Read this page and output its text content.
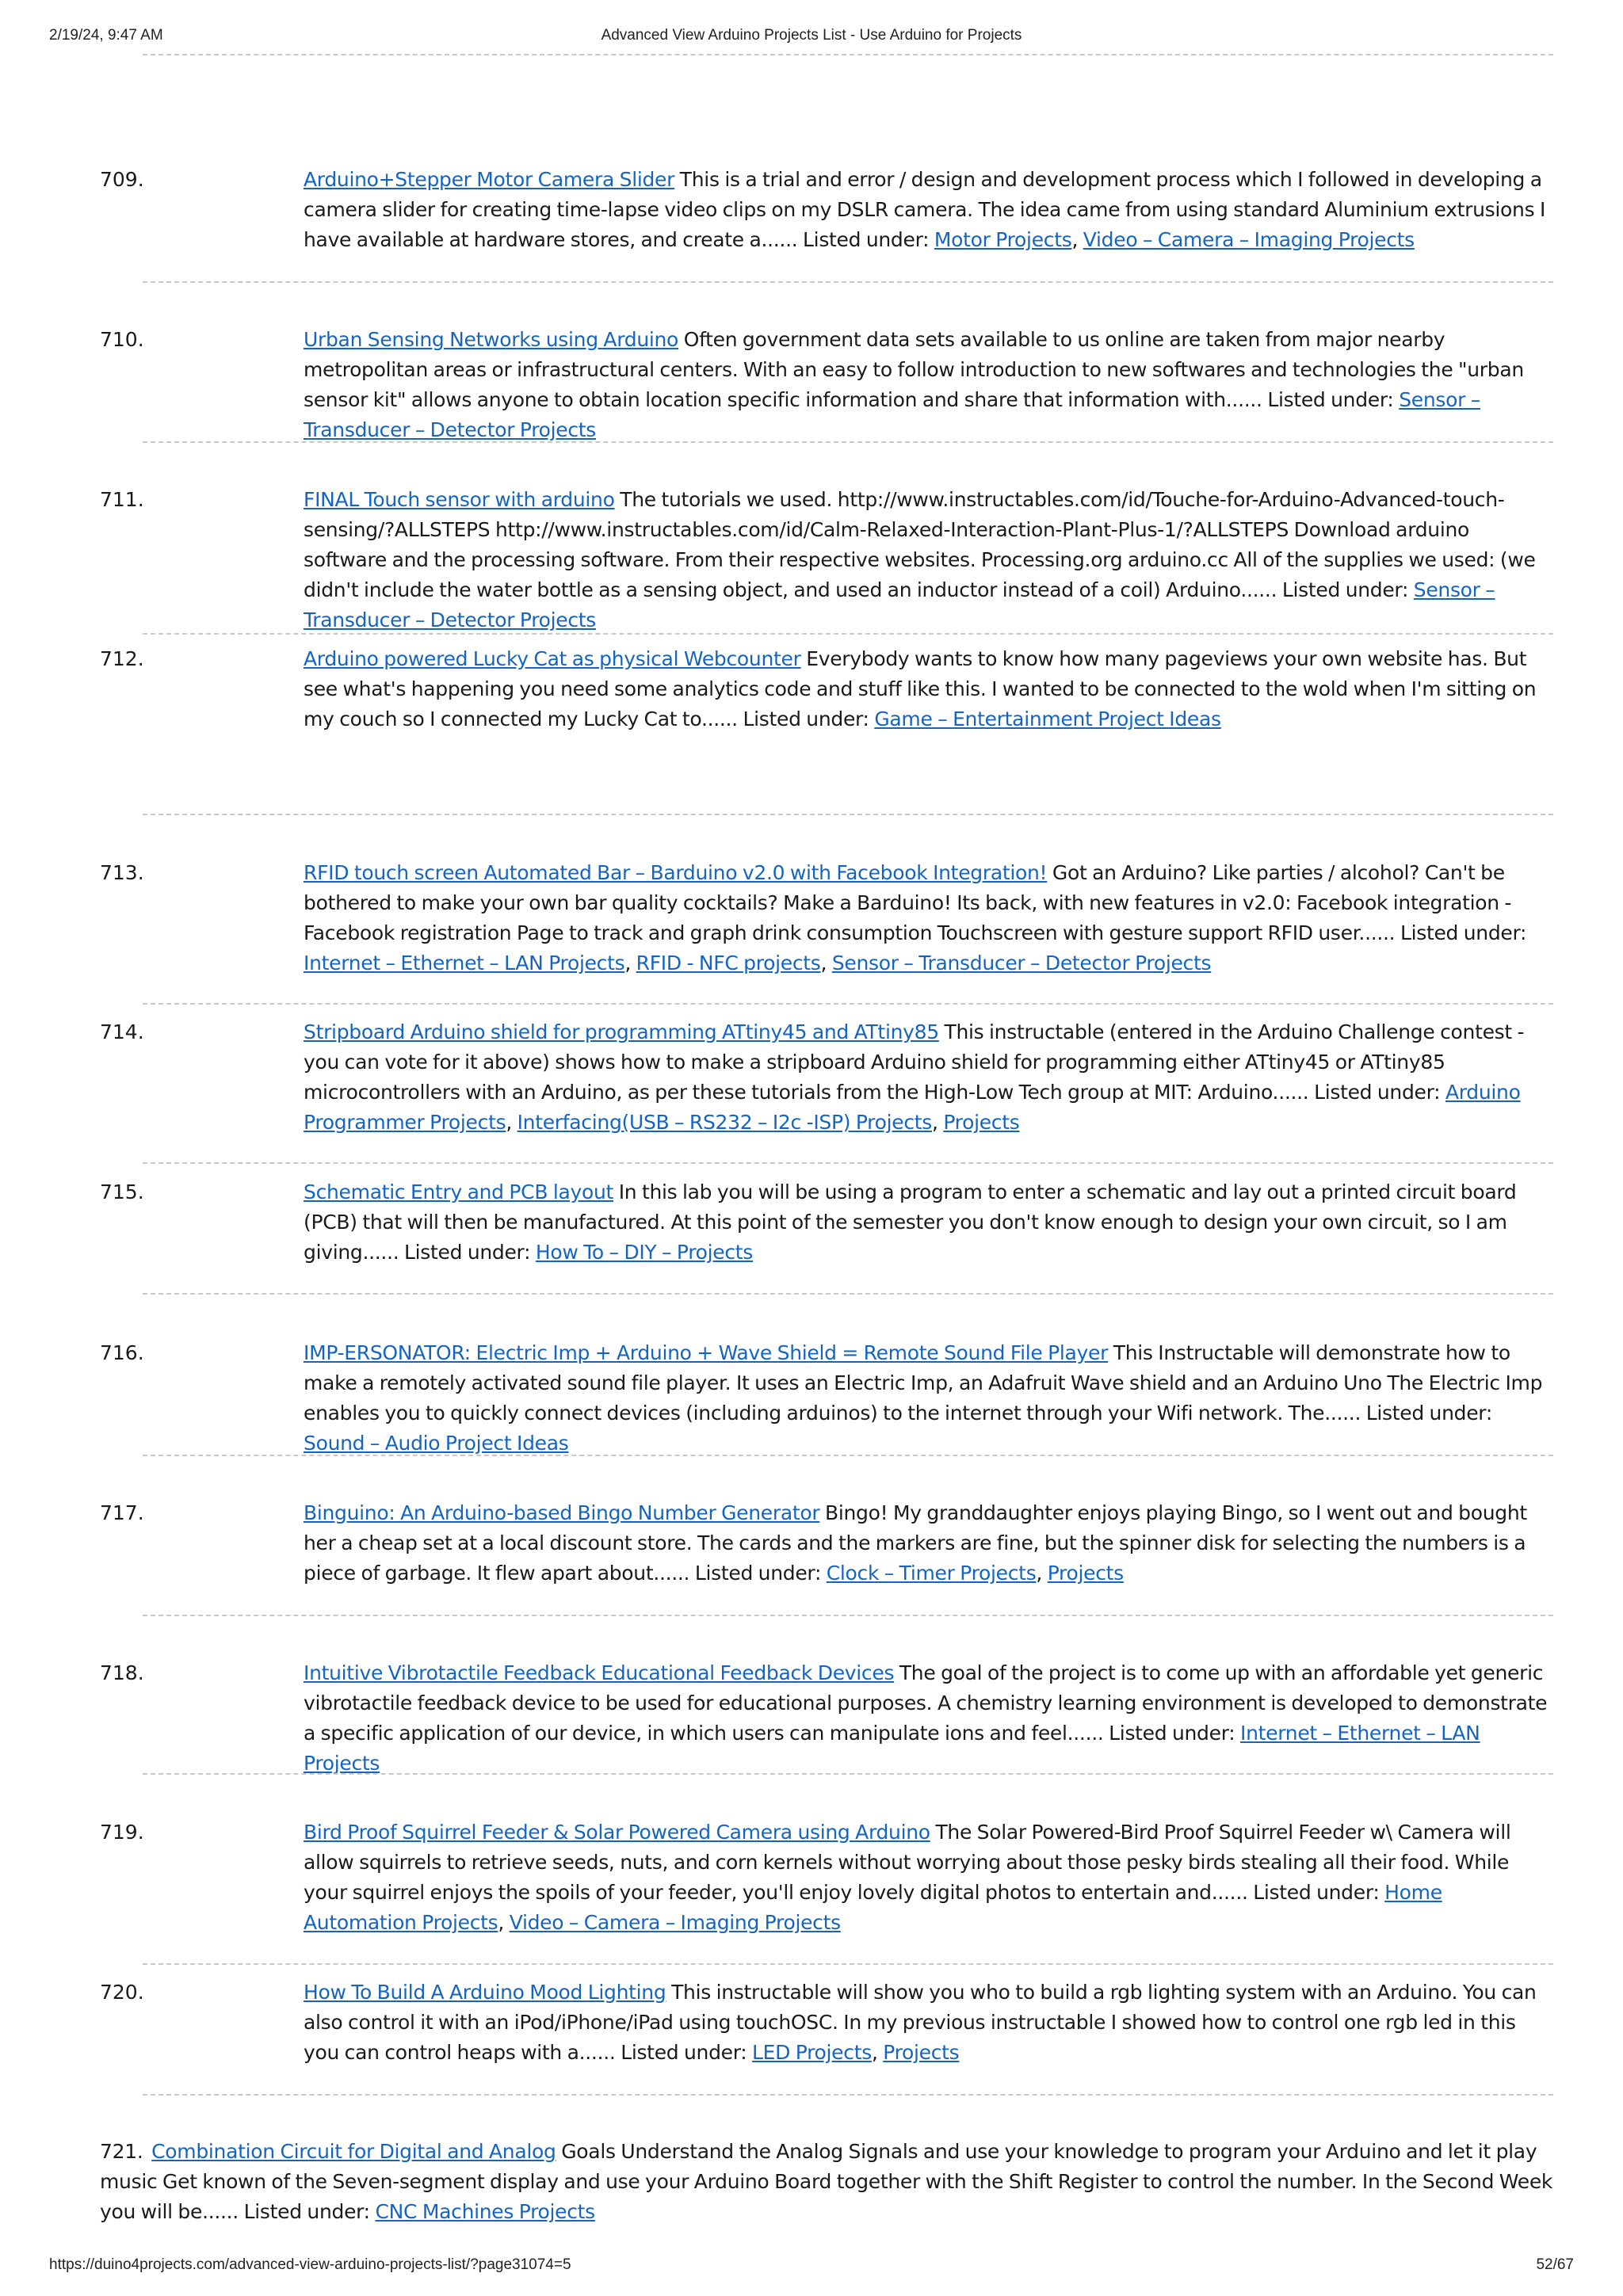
2/19/24, 9:47 AM	Advanced View Arduino Projects List - Use Arduino for Projects
709.	Arduino+Stepper Motor Camera Slider This is a trial and error / design and development process which I followed in developing a camera slider for creating time-lapse video clips on my DSLR camera. The idea came from using standard Aluminium extrusions I have available at hardware stores, and create a...... Listed under: Motor Projects, Video – Camera – Imaging Projects
710.	Urban Sensing Networks using Arduino Often government data sets available to us online are taken from major nearby metropolitan areas or infrastructural centers. With an easy to follow introduction to new softwares and technologies the "urban sensor kit" allows anyone to obtain location specific information and share that information with...... Listed under: Sensor – Transducer – Detector Projects
711.	FINAL Touch sensor with arduino The tutorials we used. http://www.instructables.com/id/Touche-for-Arduino-Advanced-touch-sensing/?ALLSTEPS http://www.instructables.com/id/Calm-Relaxed-Interaction-Plant-Plus-1/?ALLSTEPS Download arduino software and the processing software. From their respective websites. Processing.org arduino.cc All of the supplies we used: (we didn't include the water bottle as a sensing object, and used an inductor instead of a coil) Arduino...... Listed under: Sensor – Transducer – Detector Projects
712.	Arduino powered Lucky Cat as physical Webcounter Everybody wants to know how many pageviews your own website has. But see what's happening you need some analytics code and stuff like this. I wanted to be connected to the wold when I'm sitting on my couch so I connected my Lucky Cat to...... Listed under: Game – Entertainment Project Ideas
713.	RFID touch screen Automated Bar – Barduino v2.0 with Facebook Integration! Got an Arduino? Like parties / alcohol? Can't be bothered to make your own bar quality cocktails? Make a Barduino! Its back, with new features in v2.0: Facebook integration - Facebook registration Page to track and graph drink consumption Touchscreen with gesture support RFID user...... Listed under: Internet – Ethernet – LAN Projects, RFID - NFC projects, Sensor – Transducer – Detector Projects
714.	Stripboard Arduino shield for programming ATtiny45 and ATtiny85 This instructable (entered in the Arduino Challenge contest - you can vote for it above) shows how to make a stripboard Arduino shield for programming either ATtiny45 or ATtiny85 microcontrollers with an Arduino, as per these tutorials from the High-Low Tech group at MIT: Arduino...... Listed under: Arduino Programmer Projects, Interfacing(USB – RS232 – I2c -ISP) Projects, Projects
715.	Schematic Entry and PCB layout In this lab you will be using a program to enter a schematic and lay out a printed circuit board (PCB) that will then be manufactured. At this point of the semester you don't know enough to design your own circuit, so I am giving...... Listed under: How To – DIY – Projects
716.	IMP-ERSONATOR: Electric Imp + Arduino + Wave Shield = Remote Sound File Player This Instructable will demonstrate how to make a remotely activated sound file player. It uses an Electric Imp, an Adafruit Wave shield and an Arduino Uno The Electric Imp enables you to quickly connect devices (including arduinos) to the internet through your Wifi network. The...... Listed under: Sound – Audio Project Ideas
717.	Binguino: An Arduino-based Bingo Number Generator Bingo! My granddaughter enjoys playing Bingo, so I went out and bought her a cheap set at a local discount store. The cards and the markers are fine, but the spinner disk for selecting the numbers is a piece of garbage. It flew apart about...... Listed under: Clock – Timer Projects, Projects
718.	Intuitive Vibrotactile Feedback Educational Feedback Devices The goal of the project is to come up with an affordable yet generic vibrotactile feedback device to be used for educational purposes. A chemistry learning environment is developed to demonstrate a specific application of our device, in which users can manipulate ions and feel...... Listed under: Internet – Ethernet – LAN Projects
719.	Bird Proof Squirrel Feeder & Solar Powered Camera using Arduino The Solar Powered-Bird Proof Squirrel Feeder w\ Camera will allow squirrels to retrieve seeds, nuts, and corn kernels without worrying about those pesky birds stealing all their food. While your squirrel enjoys the spoils of your feeder, you'll enjoy lovely digital photos to entertain and...... Listed under: Home Automation Projects, Video – Camera – Imaging Projects
720.	How To Build A Arduino Mood Lighting This instructable will show you who to build a rgb lighting system with an Arduino. You can also control it with an iPod/iPhone/iPad using touchOSC. In my previous instructable I showed how to control one rgb led in this you can control heaps with a...... Listed under: LED Projects, Projects
721. Combination Circuit for Digital and Analog Goals Understand the Analog Signals and use your knowledge to program your Arduino and let it play music Get known of the Seven-segment display and use your Arduino Board together with the Shift Register to control the number. In the Second Week you will be...... Listed under: CNC Machines Projects
https://duino4projects.com/advanced-view-arduino-projects-list/?page31074=5	52/67
